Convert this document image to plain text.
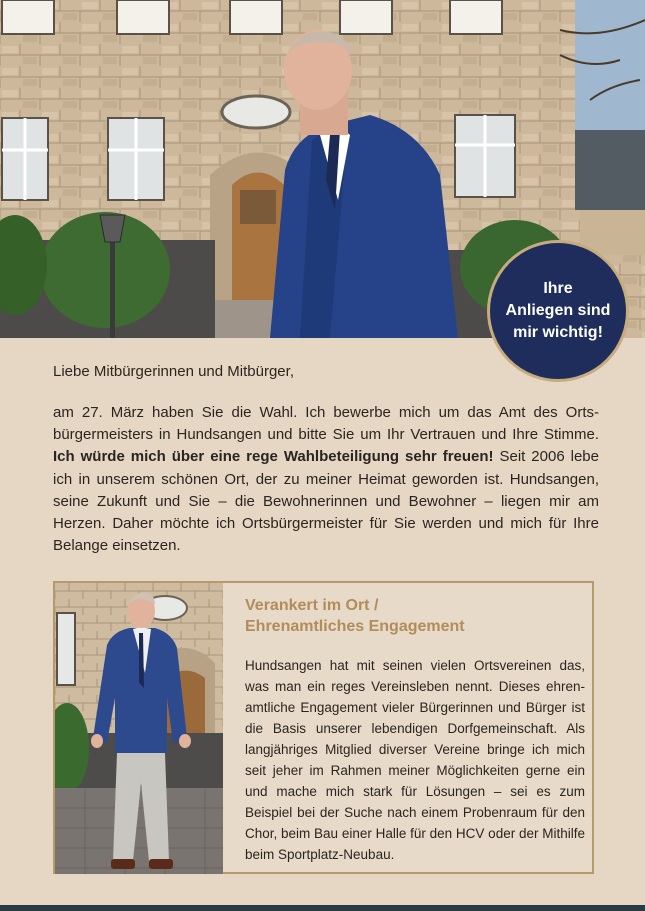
Ihre
Anliegen sind
mir wichtig!
Liebe Mitbürgerinnen und Mitbürger,

am 27. März haben Sie die Wahl. Ich bewerbe mich um das Amt des Ortsbürgermeisters in Hundsangen und bitte Sie um Ihr Vertrauen und Ihre Stimme. Ich würde mich über eine rege Wahlbeteiligung sehr freuen! Seit 2006 lebe ich in unserem schönen Ort, der zu meiner Heimat geworden ist. Hundsangen, seine Zukunft und Sie – die Bewohnerinnen und Bewohner – liegen mir am Herzen. Daher möchte ich Ortsbürgermeister für Sie werden und mich für Ihre Belange einsetzen.

Verankert im Ort /
Ehrenamtliches Engagement

Hundsangen hat mit seinen vielen Ortsvereinen das, was man ein reges Vereinsleben nennt. Dieses ehrenamtliche Engagement vieler Bürgerinnen und Bürger ist die Basis unserer lebendigen Dorfgemeinschaft. Als langjähriges Mitglied diverser Vereine bringe ich mich seit jeher im Rahmen meiner Möglichkeiten gerne ein und mache mich stark für Lösungen – sei es zum Beispiel bei der Suche nach einem Probenraum für den Chor, beim Bau einer Halle für den HCV oder der Mithilfe beim Sportplatz-Neubau.
